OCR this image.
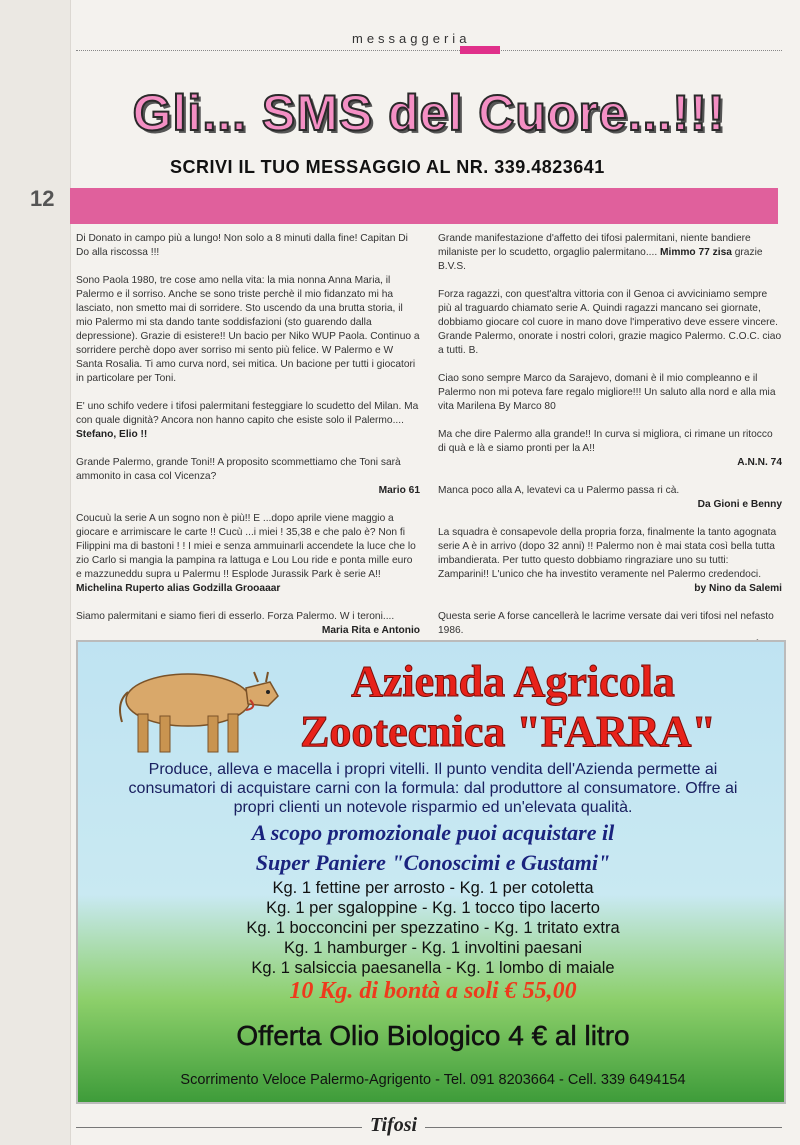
12
messaggeria
Gli... SMS del Cuore...!!!
SCRIVI IL TUO MESSAGGIO AL NR. 339.4823641

Di Donato in campo più a lungo! Non solo a 8 minuti dalla fine! Capitan Di Do alla riscossa !!!

Sono Paola 1980, tre cose amo nella vita: la mia nonna Anna Maria, il Palermo e il sorriso. Anche se sono triste perchè il mio fidanzato mi ha lasciato, non smetto mai di sorridere. Sto uscendo da una brutta storia, il mio Palermo mi sta dando tante soddisfazioni (sto guarendo dalla depressione). Grazie di esistere!! Un bacio per Niko WUP Paola. Continuo a sorridere perchè dopo aver sorriso mi sento più felice. W Palermo e W Santa Rosalia. Ti amo curva nord, sei mitica. Un bacione per tutti i giocatori in particolare per Toni.

E' uno schifo vedere i tifosi palermitani festeggiare lo scudetto del Milan. Ma con quale dignità? Ancora non hanno capito che esiste solo il Palermo.... Stefano, Elio !!

Grande Palermo, grande Toni!! A proposito scommettiamo che Toni sarà ammonito in casa col Vicenza?
Mario 61

Coucuù la serie A un sogno non è più!! E ...dopo aprile viene maggio a giocare e arrimiscare le carte !! Cucù ...i miei ! 35,38 e che palo è? Non fi Filippini ma di bastoni ! ! I miei e senza ammuinarli accendete la luce che lo zio Carlo si mangia la pampina ra lattuga e Lou Lou ride e ponta mille euro e mazzuneddu supra u Palermu !! Esplode Jurassik Park è serie A!! Michelina Ruperto alias Godzilla Grooaaar

Siamo palermitani e siamo fieri di esserlo. Forza Palermo. W i teroni....
Maria Rita e Antonio

Grande manifestazione d'affetto dei tifosi palermitani, niente bandiere milaniste per lo scudetto, orgaglio palermitano.... Mimmo 77 zisa grazie B.V.S.

Forza ragazzi, con quest'altra vittoria con il Genoa ci avviciniamo sempre più al traguardo chiamato serie A. Quindi ragazzi mancano sei giornate, dobbiamo giocare col cuore in mano dove l'imperativo deve essere vincere. Grande Palermo, onorate i nostri colori, grazie magico Palermo. C.O.C. ciao a tutti. B.

Ciao sono sempre Marco da Sarajevo, domani è il mio compleanno e il Palermo non mi poteva fare regalo migliore!!! Un saluto alla nord e alla mia vita Marilena By Marco 80

Ma che dire Palermo alla grande!! In curva si migliora, ci rimane un ritocco di quà e là e siamo pronti per la A!!
A.N.N. 74

Manca poco alla A, levatevi ca u Palermo passa ri cà.
Da Gioni e Benny

La squadra è consapevole della propria forza, finalmente la tanto agognata serie A è in arrivo (dopo 32 anni) !! Palermo non è mai stata così bella tutta imbandierata. Per tutto questo dobbiamo ringraziare uno su tutti: Zamparini!! L'unico che ha investito veramente nel Palermo credendoci.
by Nino da Salemi

Questa serie A forse cancellerà le lacrime versate dai veri tifosi nel nefasto 1986.

Azienda Agricola
Zootecnica "FARRA"
Produce, alleva e macella i propri vitelli. Il punto vendita dell'Azienda permette ai consumatori di acquistare carni con la formula: dal produttore al consumatore. Offre ai propri clienti un notevole risparmio ed un'elevata qualità.
A scopo promozionale puoi acquistare il
Super Paniere "Conoscimi e Gustami"
Kg. 1 fettine per arrosto - Kg. 1 per cotoletta
Kg. 1 per sgaloppine - Kg. 1 tocco tipo lacerto
Kg. 1 bocconcini per spezzatino - Kg. 1 tritato extra
Kg. 1 hamburger - Kg. 1 involtini paesani
Kg. 1 salsiccia paesanella - Kg. 1 lombo di maiale
10 Kg. di bontà a soli € 55,00
Offerta Olio Biologico 4 € al litro
Scorrimento Veloce Palermo-Agrigento - Tel. 091 8203664 - Cell. 339 6494154
Tifosi
